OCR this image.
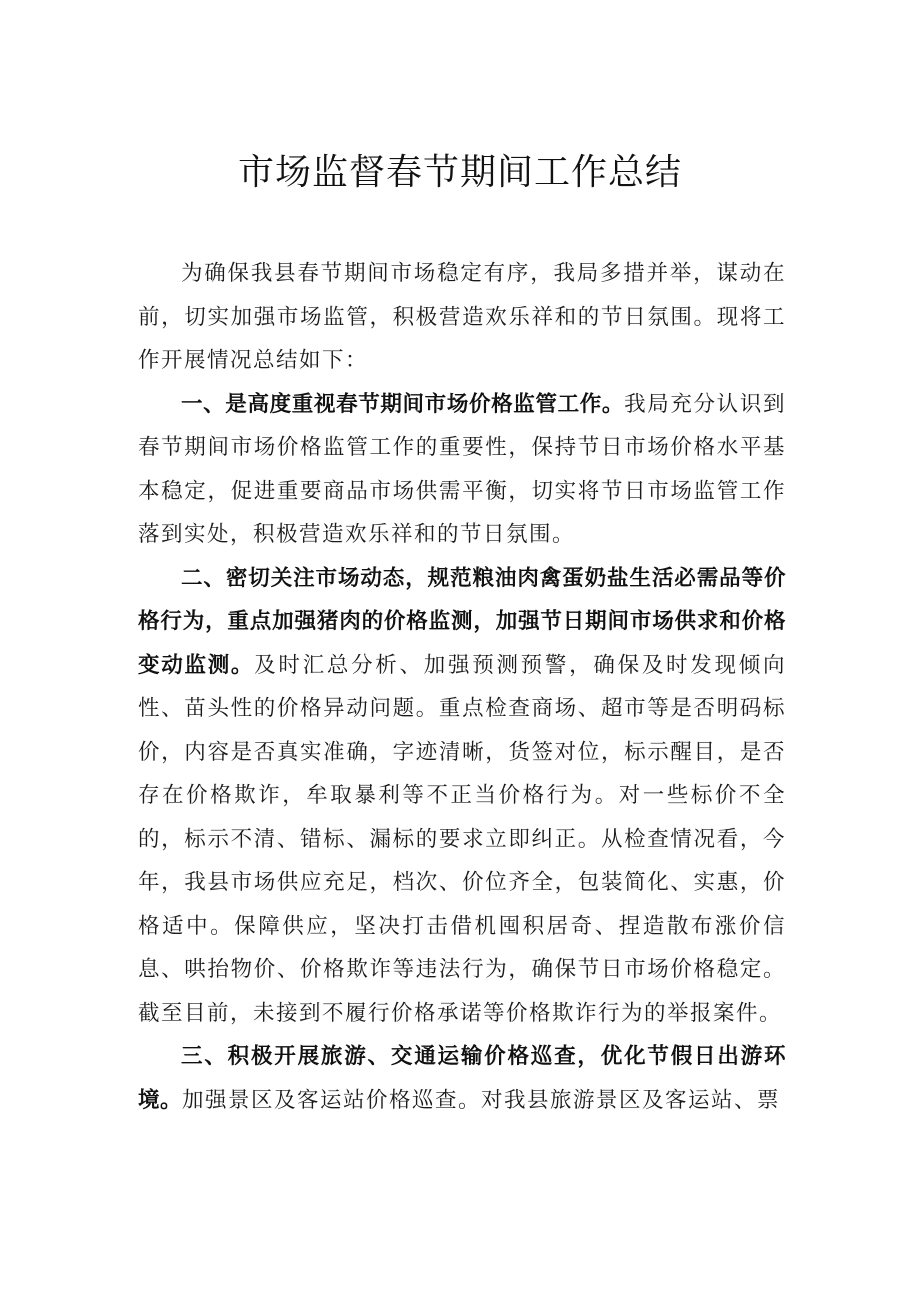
市场监督春节期间工作总结

为确保我县春节期间市场稳定有序，我局多措并举，谋动在前，切实加强市场监管，积极营造欢乐祥和的节日氛围。现将工作开展情况总结如下：

一、是高度重视春节期间市场价格监管工作。我局充分认识到春节期间市场价格监管工作的重要性，保持节日市场价格水平基本稳定，促进重要商品市场供需平衡，切实将节日市场监管工作落到实处，积极营造欢乐祥和的节日氛围。

二、密切关注市场动态，规范粮油肉禽蛋奶盐生活必需品等价格行为，重点加强猪肉的价格监测，加强节日期间市场供求和价格变动监测。及时汇总分析、加强预测预警，确保及时发现倾向性、苗头性的价格异动问题。重点检查商场、超市等是否明码标价，内容是否真实准确，字迹清晰，货签对位，标示醒目，是否存在价格欺诈，牟取暴利等不正当价格行为。对一些标价不全的，标示不清、错标、漏标的要求立即纠正。从检查情况看，今年，我县市场供应充足，档次、价位齐全，包装简化、实惠，价格适中。保障供应，坚决打击借机囤积居奇、捏造散布涨价信息、哄抬物价、价格欺诈等违法行为，确保节日市场价格稳定。截至目前，未接到不履行价格承诺等价格欺诈行为的举报案件。

三、积极开展旅游、交通运输价格巡查，优化节假日出游环境。加强景区及客运站价格巡查。对我县旅游景区及客运站、票
